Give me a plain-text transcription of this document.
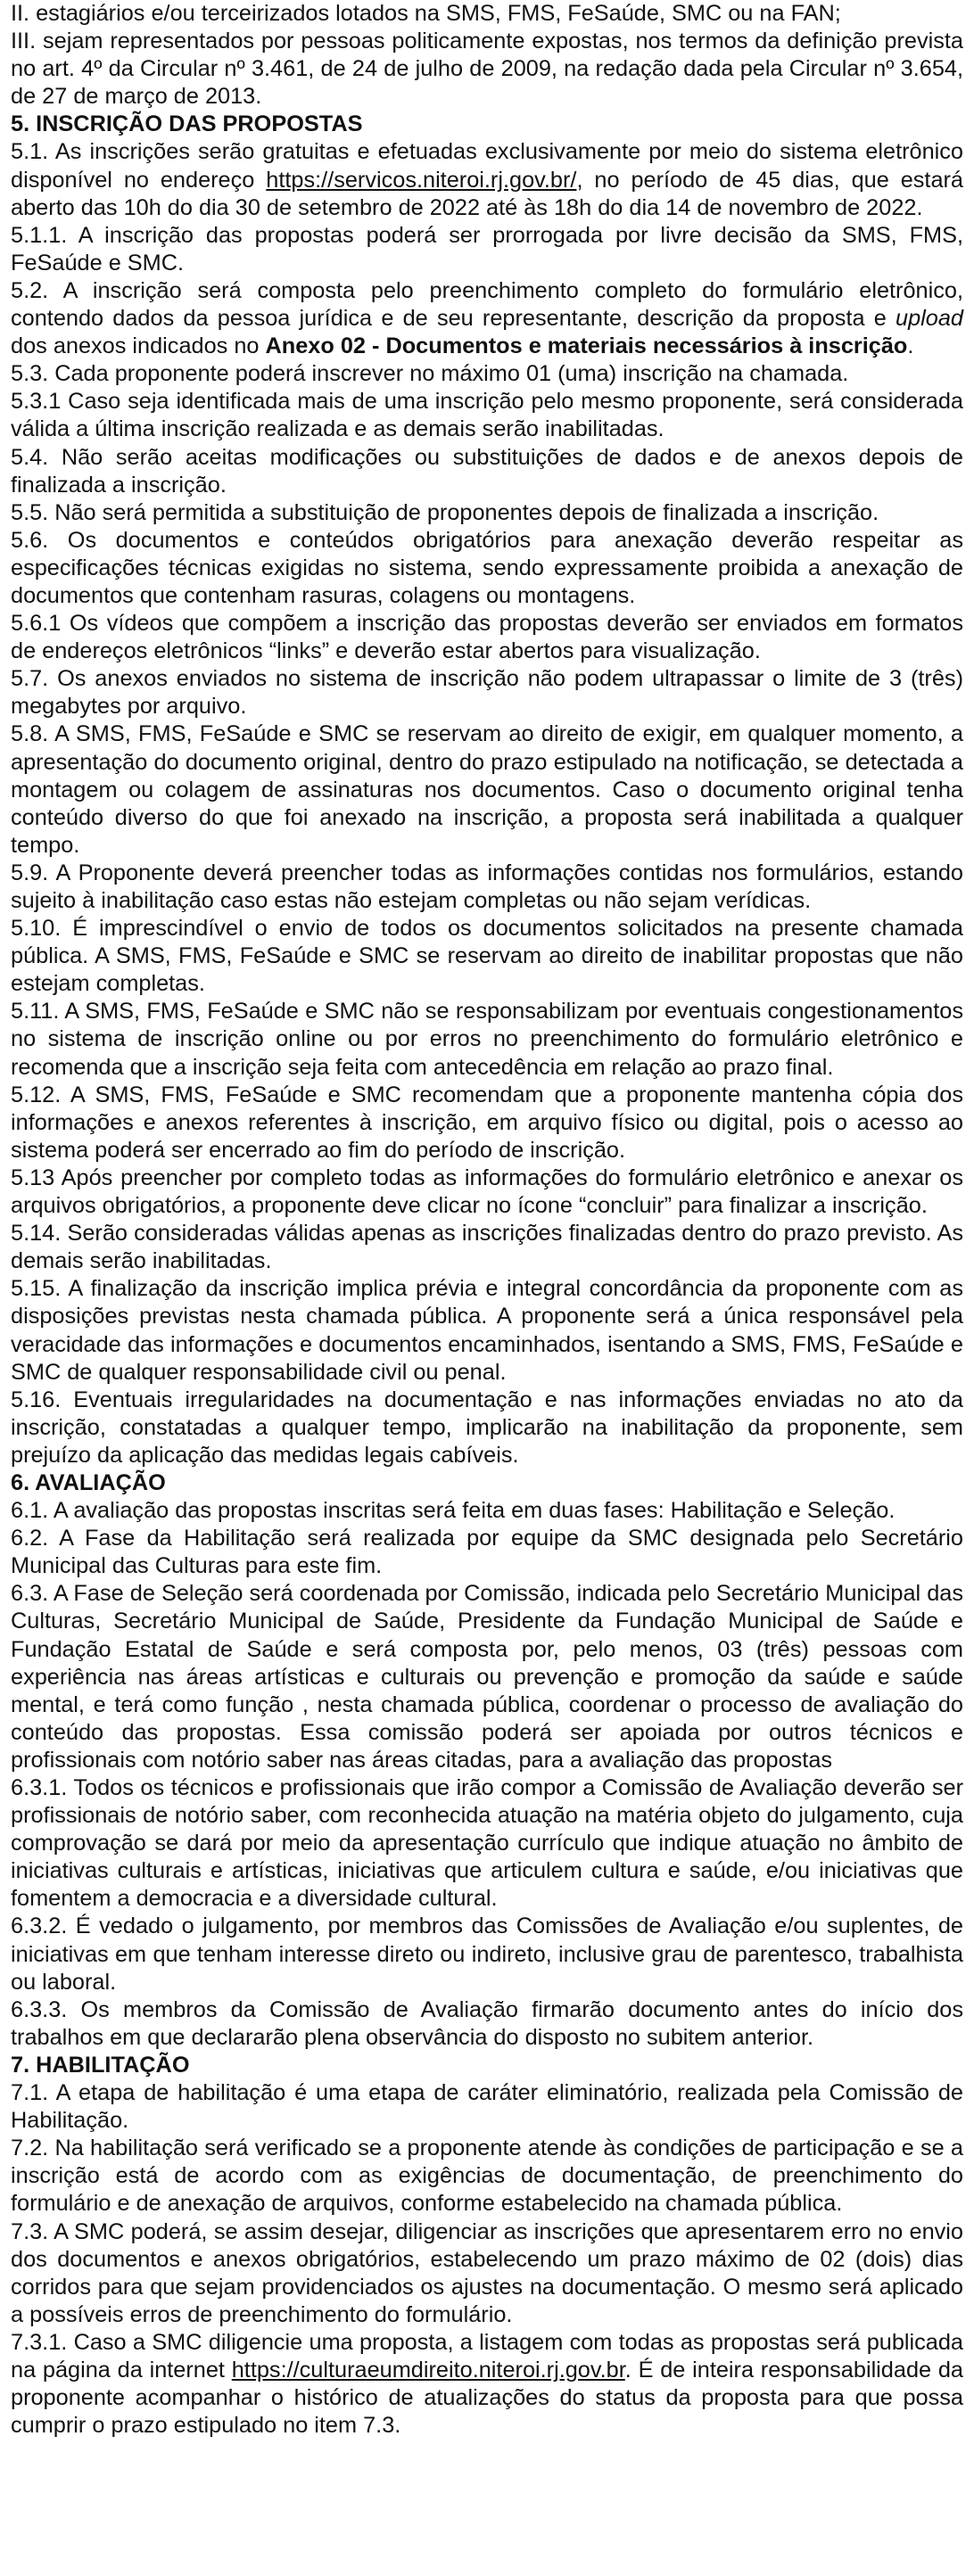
II. estagiários e/ou terceirizados lotados na SMS, FMS, FeSaúde, SMC ou na FAN;

III. sejam representados por pessoas politicamente expostas, nos termos da definição prevista no art. 4º da Circular nº 3.461, de 24 de julho de 2009, na redação dada pela Circular nº 3.654, de 27 de março de 2013.

5. INSCRIÇÃO DAS PROPOSTAS

5.1. As inscrições serão gratuitas e efetuadas exclusivamente por meio do sistema eletrônico disponível no endereço https://servicos.niteroi.rj.gov.br/, no período de 45 dias, que estará aberto das 10h do dia 30 de setembro de 2022 até às 18h do dia 14 de novembro de 2022.

5.1.1. A inscrição das propostas poderá ser prorrogada por livre decisão da SMS, FMS, FeSaúde e SMC.

5.2. A inscrição será composta pelo preenchimento completo do formulário eletrônico, contendo dados da pessoa jurídica e de seu representante, descrição da proposta e upload dos anexos indicados no Anexo 02 - Documentos e materiais necessários à inscrição.

5.3. Cada proponente poderá inscrever no máximo 01 (uma) inscrição na chamada.

5.3.1 Caso seja identificada mais de uma inscrição pelo mesmo proponente, será considerada válida a última inscrição realizada e as demais serão inabilitadas.

5.4. Não serão aceitas modificações ou substituições de dados e de anexos depois de finalizada a inscrição.

5.5. Não será permitida a substituição de proponentes depois de finalizada a inscrição.

5.6. Os documentos e conteúdos obrigatórios para anexação deverão respeitar as especificações técnicas exigidas no sistema, sendo expressamente proibida a anexação de documentos que contenham rasuras, colagens ou montagens.

5.6.1 Os vídeos que compõem a inscrição das propostas deverão ser enviados em formatos de endereços eletrônicos “links” e deverão estar abertos para visualização.

5.7. Os anexos enviados no sistema de inscrição não podem ultrapassar o limite de 3 (três) megabytes por arquivo.

5.8. A SMS, FMS, FeSaúde e SMC se reservam ao direito de exigir, em qualquer momento, a apresentação do documento original, dentro do prazo estipulado na notificação, se detectada a montagem ou colagem de assinaturas nos documentos. Caso o documento original tenha conteúdo diverso do que foi anexado na inscrição, a proposta será inabilitada a qualquer tempo.

5.9. A Proponente deverá preencher todas as informações contidas nos formulários, estando sujeito à inabilitação caso estas não estejam completas ou não sejam verídicas.

5.10. É imprescindível o envio de todos os documentos solicitados na presente chamada pública. A SMS, FMS, FeSaúde e SMC se reservam ao direito de inabilitar propostas que não estejam completas.

5.11. A SMS, FMS, FeSaúde e SMC não se responsabilizam por eventuais congestionamentos no sistema de inscrição online ou por erros no preenchimento do formulário eletrônico e recomenda que a inscrição seja feita com antecedência em relação ao prazo final.

5.12. A SMS, FMS, FeSaúde e SMC recomendam que a proponente mantenha cópia dos informações e anexos referentes à inscrição, em arquivo físico ou digital, pois o acesso ao sistema poderá ser encerrado ao fim do período de inscrição.

5.13 Após preencher por completo todas as informações do formulário eletrônico e anexar os arquivos obrigatórios, a proponente deve clicar no ícone “concluir” para finalizar a inscrição.

5.14. Serão consideradas válidas apenas as inscrições finalizadas dentro do prazo previsto. As demais serão inabilitadas.

5.15. A finalização da inscrição implica prévia e integral concordância da proponente com as disposições previstas nesta chamada pública. A proponente será a única responsável pela veracidade das informações e documentos encaminhados, isentando a SMS, FMS, FeSaúde e SMC de qualquer responsabilidade civil ou penal.

5.16. Eventuais irregularidades na documentação e nas informações enviadas no ato da inscrição, constatadas a qualquer tempo, implicarão na inabilitação da proponente, sem prejuízo da aplicação das medidas legais cabíveis.

6. AVALIAÇÃO

6.1. A avaliação das propostas inscritas será feita em duas fases: Habilitação e Seleção.

6.2. A Fase da Habilitação será realizada por equipe da SMC designada pelo Secretário Municipal das Culturas para este fim.

6.3. A Fase de Seleção será coordenada por Comissão, indicada pelo Secretário Municipal das Culturas, Secretário Municipal de Saúde, Presidente da Fundação Municipal de Saúde e Fundação Estatal de Saúde e será composta por, pelo menos, 03 (três) pessoas com experiência nas áreas artísticas e culturais ou prevenção e promoção da saúde e saúde mental, e terá como função , nesta chamada pública, coordenar o processo de avaliação do conteúdo das propostas. Essa comissão poderá ser apoiada por outros técnicos e profissionais com notório saber nas áreas citadas, para a avaliação das propostas

6.3.1. Todos os técnicos e profissionais que irão compor a Comissão de Avaliação deverão ser profissionais de notório saber, com reconhecida atuação na matéria objeto do julgamento, cuja comprovação se dará por meio da apresentação currículo que indique atuação no âmbito de iniciativas culturais e artísticas, iniciativas que articulem cultura e saúde, e/ou iniciativas que fomentem a democracia e a diversidade cultural.

6.3.2. É vedado o julgamento, por membros das Comissões de Avaliação e/ou suplentes, de iniciativas em que tenham interesse direto ou indireto, inclusive grau de parentesco, trabalhista ou laboral.

6.3.3. Os membros da Comissão de Avaliação firmarão documento antes do início dos trabalhos em que declararão plena observância do disposto no subitem anterior.

7. HABILITAÇÃO

7.1. A etapa de habilitação é uma etapa de caráter eliminatório, realizada pela Comissão de Habilitação.

7.2. Na habilitação será verificado se a proponente atende às condições de participação e se a inscrição está de acordo com as exigências de documentação, de preenchimento do formulário e de anexação de arquivos, conforme estabelecido na chamada pública.

7.3. A SMC poderá, se assim desejar, diligenciar as inscrições que apresentarem erro no envio dos documentos e anexos obrigatórios, estabelecendo um prazo máximo de 02 (dois) dias corridos para que sejam providenciados os ajustes na documentação. O mesmo será aplicado a possíveis erros de preenchimento do formulário.

7.3.1. Caso a SMC diligencie uma proposta, a listagem com todas as propostas será publicada na página da internet https://culturaeumdireito.niteroi.rj.gov.br. É de inteira responsabilidade da proponente acompanhar o histórico de atualizações do status da proposta para que possa cumprir o prazo estipulado no item 7.3.
